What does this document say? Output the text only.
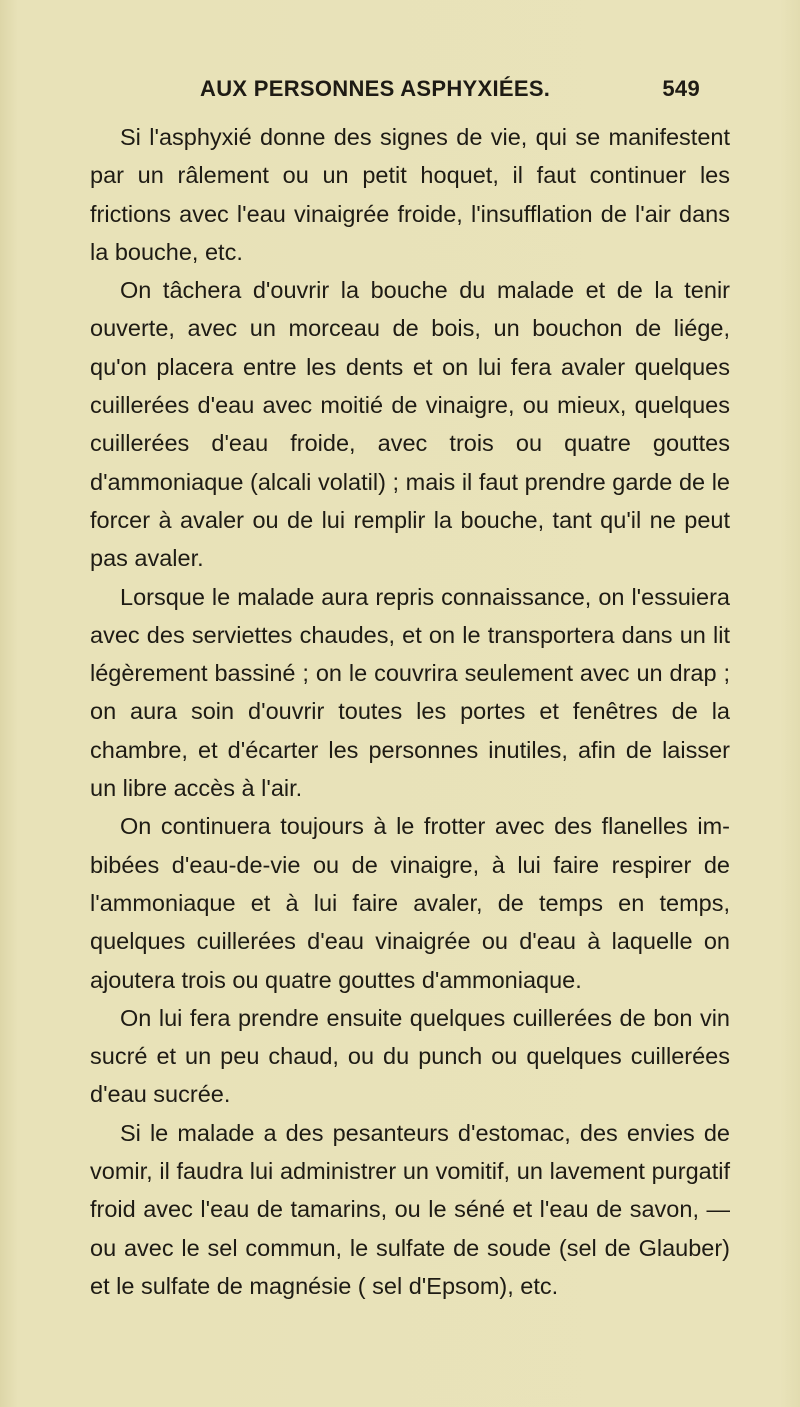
AUX PERSONNES ASPHYXIÉES.	549

Si l'asphyxié donne des signes de vie, qui se manifestent par un râlement ou un petit hoquet, il faut continuer les frictions avec l'eau vinaigrée froide, l'insufflation de l'air dans la bouche, etc.

On tâchera d'ouvrir la bouche du malade et de la tenir ouverte, avec un morceau de bois, un bouchon de liége, qu'on placera entre les dents et on lui fera avaler quelques cuillerées d'eau avec moitié de vinaigre, ou mieux, quelques cuillerées d'eau froide, avec trois ou quatre gouttes d'ammoniaque (alcali volatil) ; mais il faut prendre garde de le forcer à avaler ou de lui remplir la bouche, tant qu'il ne peut pas avaler.

Lorsque le malade aura repris connaissance, on l'essuiera avec des serviettes chaudes, et on le transportera dans un lit légèrement bassiné ; on le couvrira seulement avec un drap ; on aura soin d'ouvrir toutes les portes et fenêtres de la chambre, et d'écarter les personnes inutiles, afin de laisser un libre accès à l'air.

On continuera toujours à le frotter avec des flanelles imbibées d'eau-de-vie ou de vinaigre, à lui faire respirer de l'ammoniaque et à lui faire avaler, de temps en temps, quelques cuillerées d'eau vinaigrée ou d'eau à laquelle on ajoutera trois ou quatre gouttes d'ammoniaque.

On lui fera prendre ensuite quelques cuillerées de bon vin sucré et un peu chaud, ou du punch ou quelques cuillerées d'eau sucrée.

Si le malade a des pesanteurs d'estomac, des envies de vomir, il faudra lui administrer un vomitif, un lavement purgatif froid avec l'eau de tamarins, ou le séné et l'eau de savon, — ou avec le sel commun, le sulfate de soude (sel de Glauber) et le sulfate de magnésie ( sel d'Epsom), etc.
